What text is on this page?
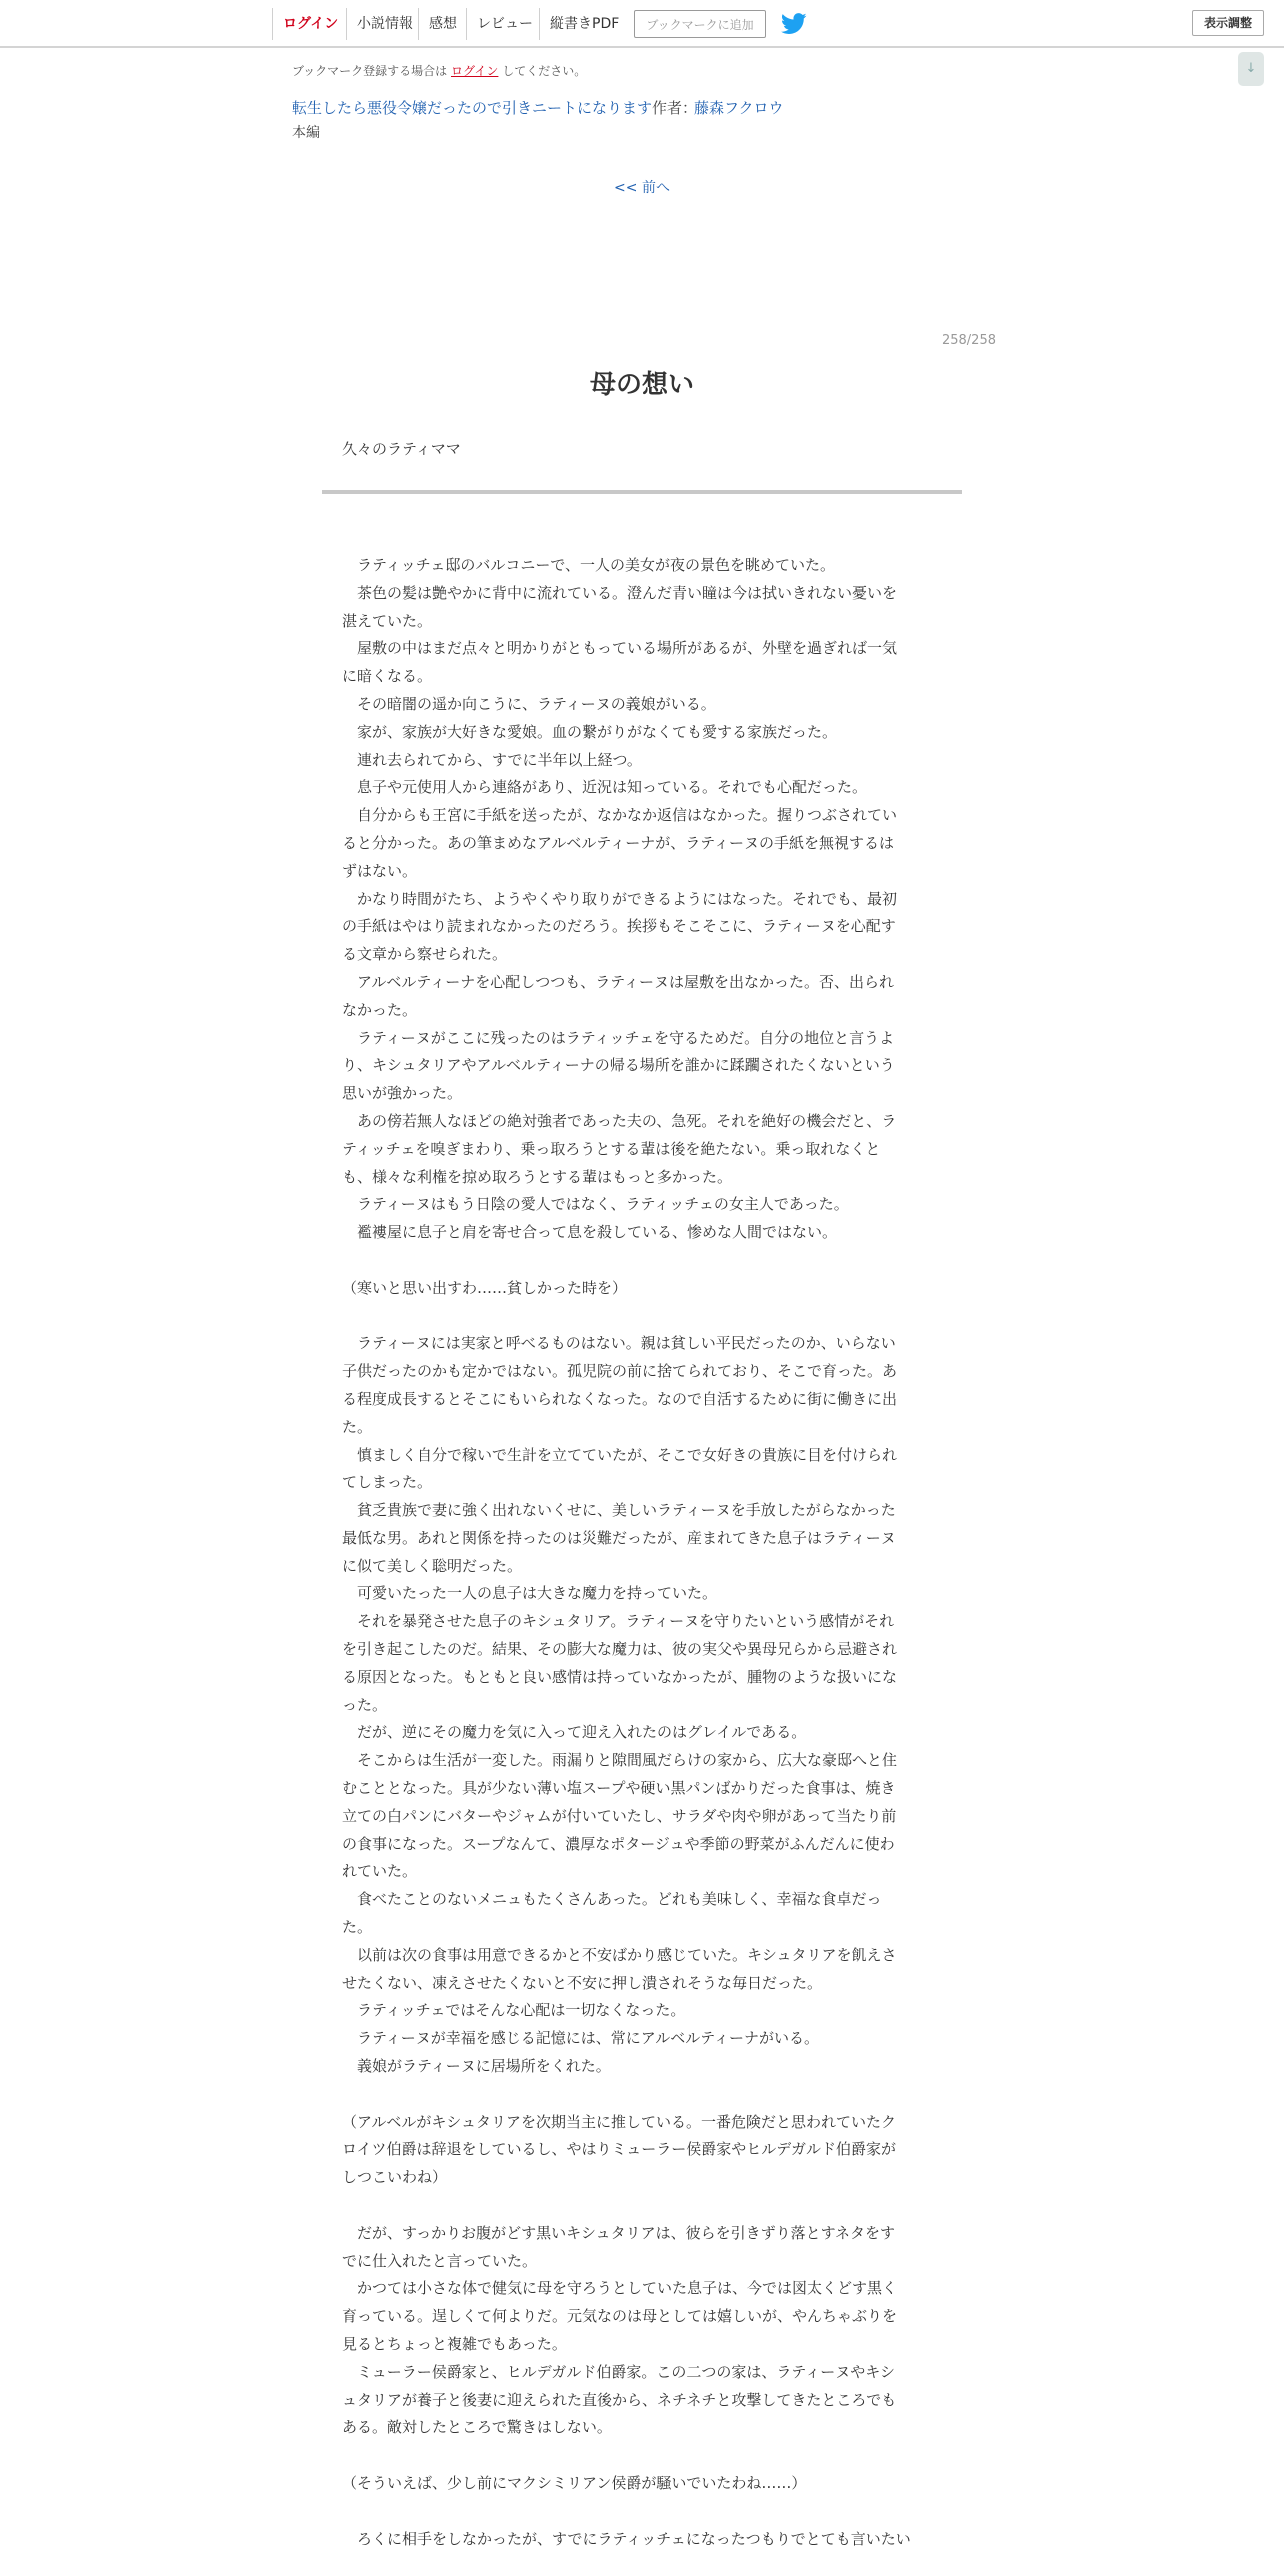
ログイン	小説情報	感想	レビュー	縦書きPDF	ブックマークに追加	表示調整
↓
ブックマーク登録する場合は ログイン してください。
転生したら悪役令嬢だったので引きニートになります 作者：
藤森フクロウ
本編
<< 前へ
258/258
母の想い
久々のラティママ

　ラティッチェ邸のバルコニーで、一人の美女が夜の景色を眺めていた。

　茶色の髪は艶やかに背中に流れている。澄んだ青い瞳は今は拭いきれない憂いを

湛えていた。

　屋敷の中はまだ点々と明かりがともっている場所があるが、外壁を過ぎれば一気

に暗くなる。

　その暗闇の遥か向こうに、ラティーヌの義娘がいる。

　家が、家族が大好きな愛娘。血の繋がりがなくても愛する家族だった。

　連れ去られてから、すでに半年以上経つ。

　息子や元使用人から連絡があり、近況は知っている。それでも心配だった。

　自分からも王宮に手紙を送ったが、なかなか返信はなかった。握りつぶされてい

ると分かった。あの筆まめなアルベルティーナが、ラティーヌの手紙を無視するは

ずはない。

　かなり時間がたち、ようやくやり取りができるようにはなった。それでも、最初

の手紙はやはり読まれなかったのだろう。挨拶もそこそこに、ラティーヌを心配す

る文章から察せられた。

　アルベルティーナを心配しつつも、ラティーヌは屋敷を出なかった。否、出られ

なかった。

　ラティーヌがここに残ったのはラティッチェを守るためだ。自分の地位と言うよ

り、キシュタリアやアルベルティーナの帰る場所を誰かに蹂躙されたくないという

思いが強かった。

　あの傍若無人なほどの絶対強者であった夫の、急死。それを絶好の機会だと、ラ

ティッチェを嗅ぎまわり、乗っ取ろうとする輩は後を絶たない。乗っ取れなくと

も、様々な利権を掠め取ろうとする輩はもっと多かった。

　ラティーヌはもう日陰の愛人ではなく、ラティッチェの女主人であった。

　襤褸屋に息子と肩を寄せ合って息を殺している、惨めな人間ではない。

（寒いと思い出すわ……貧しかった時を）

　ラティーヌには実家と呼べるものはない。親は貧しい平民だったのか、いらない

子供だったのかも定かではない。孤児院の前に捨てられており、そこで育った。あ

る程度成長するとそこにもいられなくなった。なので自活するために街に働きに出

た。

　慎ましく自分で稼いで生計を立てていたが、そこで女好きの貴族に目を付けられ

てしまった。

　貧乏貴族で妻に強く出れないくせに、美しいラティーヌを手放したがらなかった

最低な男。あれと関係を持ったのは災難だったが、産まれてきた息子はラティーヌ

に似て美しく聡明だった。

　可愛いたった一人の息子は大きな魔力を持っていた。

　それを暴発させた息子のキシュタリア。ラティーヌを守りたいという感情がそれ

を引き起こしたのだ。結果、その膨大な魔力は、彼の実父や異母兄らから忌避され

る原因となった。もともと良い感情は持っていなかったが、腫物のような扱いにな

った。

　だが、逆にその魔力を気に入って迎え入れたのはグレイルである。

　そこからは生活が一変した。雨漏りと隙間風だらけの家から、広大な豪邸へと住

むこととなった。具が少ない薄い塩スープや硬い黒パンばかりだった食事は、焼き

立ての白パンにバターやジャムが付いていたし、サラダや肉や卵があって当たり前

の食事になった。スープなんて、濃厚なポタージュや季節の野菜がふんだんに使わ

れていた。

　食べたことのないメニュもたくさんあった。どれも美味しく、幸福な食卓だっ

た。

　以前は次の食事は用意できるかと不安ばかり感じていた。キシュタリアを飢えさ

せたくない、凍えさせたくないと不安に押し潰されそうな毎日だった。

　ラティッチェではそんな心配は一切なくなった。

　ラティーヌが幸福を感じる記憶には、常にアルベルティーナがいる。

　義娘がラティーヌに居場所をくれた。

（アルベルがキシュタリアを次期当主に推している。一番危険だと思われていたク

ロイツ伯爵は辞退をしているし、やはりミューラー侯爵家やヒルデガルド伯爵家が

しつこいわね）

　だが、すっかりお腹がどす黒いキシュタリアは、彼らを引きずり落とすネタをす

でに仕入れたと言っていた。

　かつては小さな体で健気に母を守ろうとしていた息子は、今では図太くどす黒く

育っている。逞しくて何よりだ。元気なのは母としては嬉しいが、やんちゃぶりを

見るとちょっと複雑でもあった。

　ミューラー侯爵家と、ヒルデガルド伯爵家。この二つの家は、ラティーヌやキシ

ュタリアが養子と後妻に迎えられた直後から、ネチネチと攻撃してきたところでも

ある。敵対したところで驚きはしない。

（そういえば、少し前にマクシミリアン侯爵が騒いでいたわね……）

　ろくに相手をしなかったが、すでにラティッチェになったつもりでとても言いたい
